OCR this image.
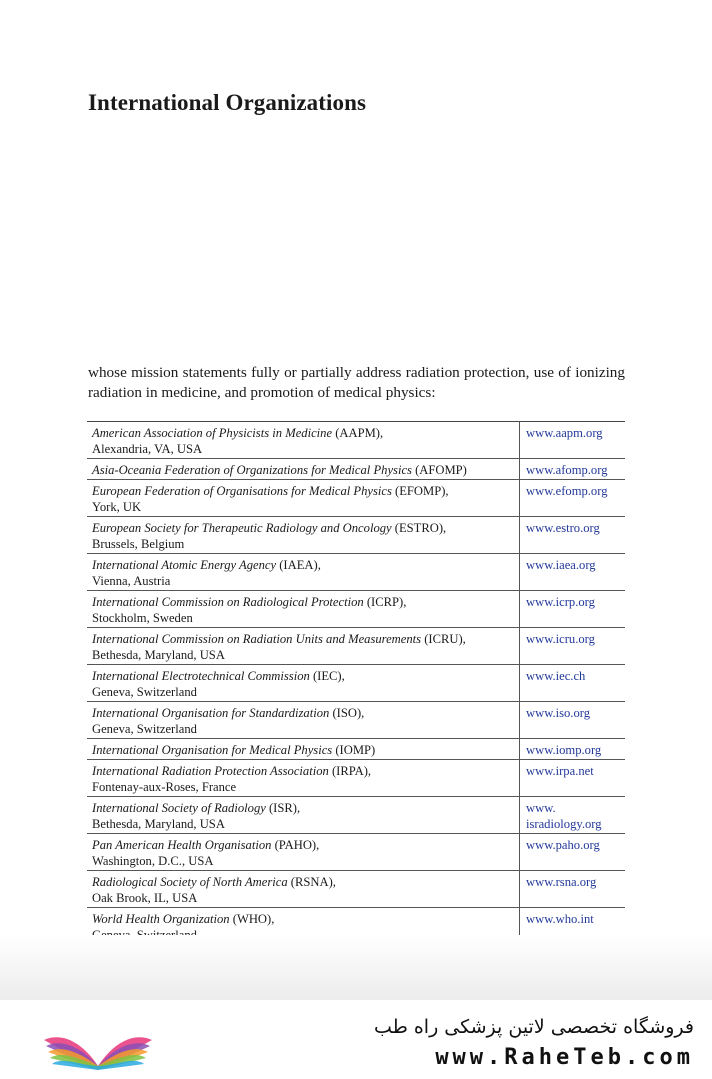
International Organizations

whose mission statements fully or partially address radiation protection, use of ionizing radiation in medicine, and promotion of medical physics:

American Association of Physicists in Medicine (AAPM),
Alexandria, VA, USA	www.aapm.org
Asia-Oceania Federation of Organizations for Medical Physics (AFOMP)	www.afomp.org
European Federation of Organisations for Medical Physics (EFOMP),
York, UK	www.efomp.org
European Society for Therapeutic Radiology and Oncology (ESTRO),
Brussels, Belgium	www.estro.org
International Atomic Energy Agency (IAEA),
Vienna, Austria	www.iaea.org
International Commission on Radiological Protection (ICRP),
Stockholm, Sweden	www.icrp.org
International Commission on Radiation Units and Measurements (ICRU),
Bethesda, Maryland, USA	www.icru.org
International Electrotechnical Commission (IEC),
Geneva, Switzerland	www.iec.ch
International Organisation for Standardization (ISO),
Geneva, Switzerland	www.iso.org
International Organisation for Medical Physics (IOMP)	www.iomp.org
International Radiation Protection Association (IRPA),
Fontenay-aux-Roses, France	www.irpa.net
International Society of Radiology (ISR),
Bethesda, Maryland, USA	www.
isradiology.org
Pan American Health Organisation (PAHO),
Washington, D.C., USA	www.paho.org
Radiological Society of North America (RSNA),
Oak Brook, IL, USA	www.rsna.org
World Health Organization (WHO),	www.who.int
فروشگاه تخصصی لاتین پزشکی راه طب
www.RaheTeb.com
